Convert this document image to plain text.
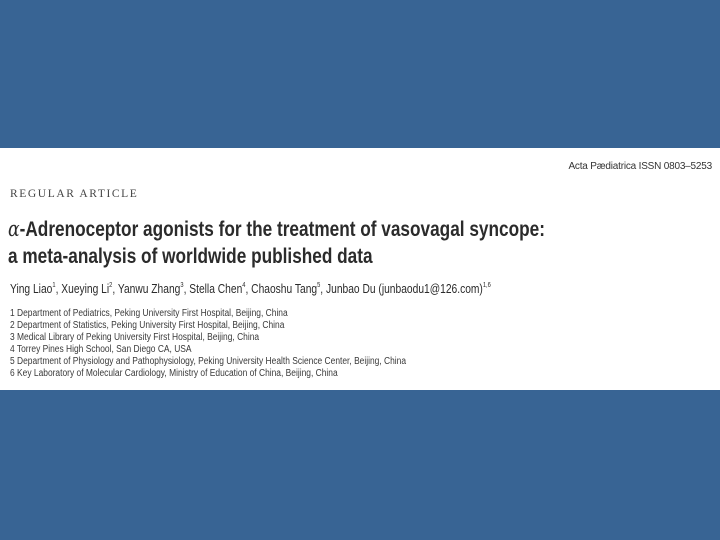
Acta Pædiatrica ISSN 0803–5253
REGULAR ARTICLE
α-Adrenoceptor agonists for the treatment of vasovagal syncope:
a meta-analysis of worldwide published data
Ying Liao$^1$, Xueying Li$^2$, Yanwu Zhang$^3$, Stella Chen$^4$, Chaoshu Tang$^5$, Junbao Du (junbaodu1@126.com)$^{1,6}$
1 Department of Pediatrics, Peking University First Hospital, Beijing, China
2 Department of Statistics, Peking University First Hospital, Beijing, China
3 Medical Library of Peking University First Hospital, Beijing, China
4 Torrey Pines High School, San Diego CA, USA
5 Department of Physiology and Pathophysiology, Peking University Health Science Center, Beijing, China
6 Key Laboratory of Molecular Cardiology, Ministry of Education of China, Beijing, China
